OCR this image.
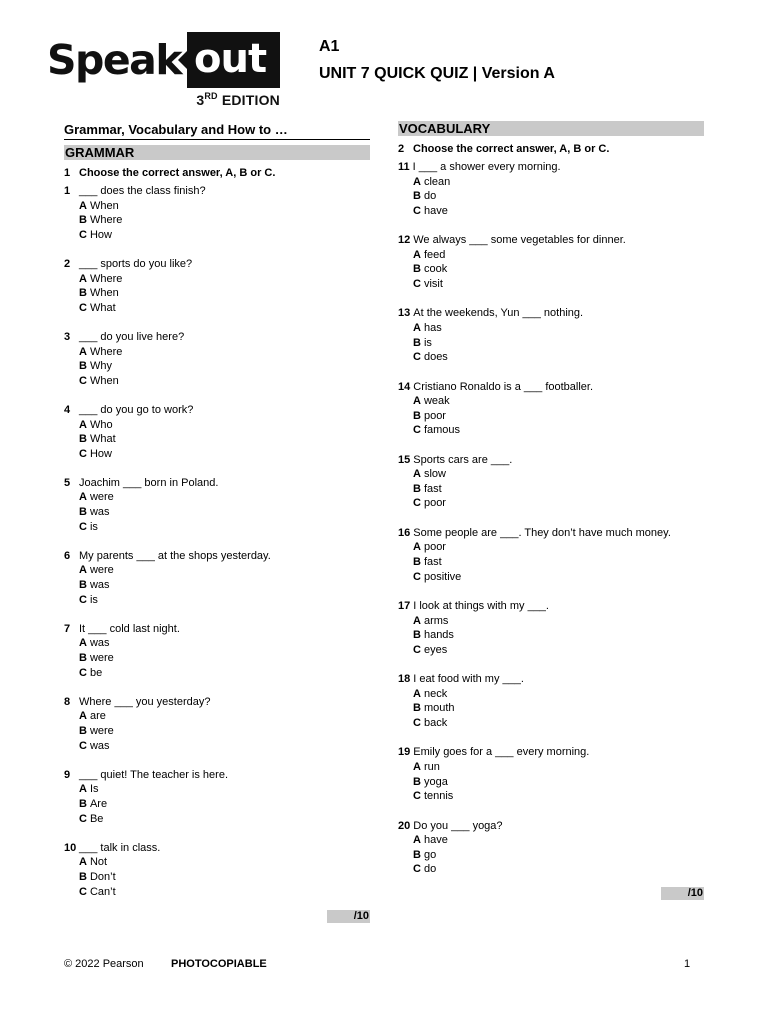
Speak out
3RD EDITION
A1
UNIT 7 QUICK QUIZ | Version A
Grammar, Vocabulary and How to …
GRAMMAR
1 Choose the correct answer, A, B or C.
1 ___ does the class finish?
A When
B Where
C How
2 ___ sports do you like?
A Where
B When
C What
3 ___ do you live here?
A Where
B Why
C When
4 ___ do you go to work?
A Who
B What
C How
5 Joachim ___ born in Poland.
A were
B was
C is
6 My parents ___ at the shops yesterday.
A were
B was
C is
7 It ___ cold last night.
A was
B were
C be
8 Where ___ you yesterday?
A are
B were
C was
9 ___ quiet! The teacher is here.
A Is
B Are
C Be
10 ___ talk in class.
A Not
B Don’t
C Can’t
/10
VOCABULARY
2 Choose the correct answer, A, B or C.
11 I ___ a shower every morning.
A clean
B do
C have
12 We always ___ some vegetables for dinner.
A feed
B cook
C visit
13 At the weekends, Yun ___ nothing.
A has
B is
C does
14 Cristiano Ronaldo is a ___ footballer.
A weak
B poor
C famous
15 Sports cars are ___.
A slow
B fast
C poor
16 Some people are ___. They don’t have much money.
A poor
B fast
C positive
17 I look at things with my ___.
A arms
B hands
C eyes
18 I eat food with my ___.
A neck
B mouth
C back
19 Emily goes for a ___ every morning.
A run
B yoga
C tennis
20 Do you ___ yoga?
A have
B go
C do
/10
© 2022 Pearson PHOTOCOPIABLE	1
